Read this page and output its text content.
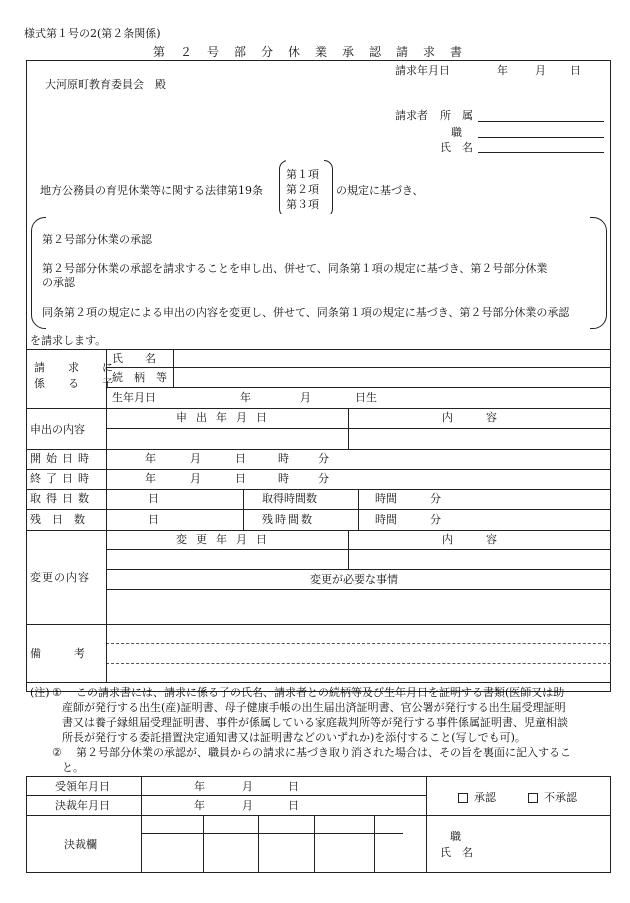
様式第１号の2(第２条関係)
第２号部分休業承認請求書
請求年月日	年 月 日
大河原町教育委員会　殿
請求者 所　属
職
氏　名
地方公務員の育児休業等に関する法律第19条
第１項
第２項
第３項
の規定に基づき、
第２号部分休業の承認
第２号部分休業の承認を請求することを申し出、併せて、同条第１項の規定に基づき、第２号部分休業
の承認
同条第２項の規定による申出の内容を変更し、併せて、同条第１項の規定に基づき、第２号部分休業の承認
を請求します。
請　求　に
係　る　子
氏　　名
続　柄　等
生年月日	年	月	日生
申出の内容
申出年月日	内　　　容
開始日時	年	月	日	時	分
終了日時	年	月	日	時	分
取得日数	日	取得時間数	時間	分
残　日　数	日	残時間数	時間	分
変更の内容
変更年月日	内　　　容
変更が必要な事情
備　　　考
(注) ① この請求書には、請求に係る子の氏名、請求者との続柄等及び生年月日を証明する書類(医師又は助
産師が発行する出生(産)証明書、母子健康手帳の出生届出済証明書、官公署が発行する出生届受理証明
書又は養子縁組届受理証明書、事件が係属している家庭裁判所等が発行する事件係属証明書、児童相談
所長が発行する委託措置決定通知書又は証明書などのいずれか)を添付すること(写しでも可)。
② 第２号部分休業の承認が、職員からの請求に基づき取り消された場合は、その旨を裏面に記入するこ
と。
受領年月日	年	月	日
決裁年月日	年	月	日
承認	不承認
決裁欄
職
氏　名
